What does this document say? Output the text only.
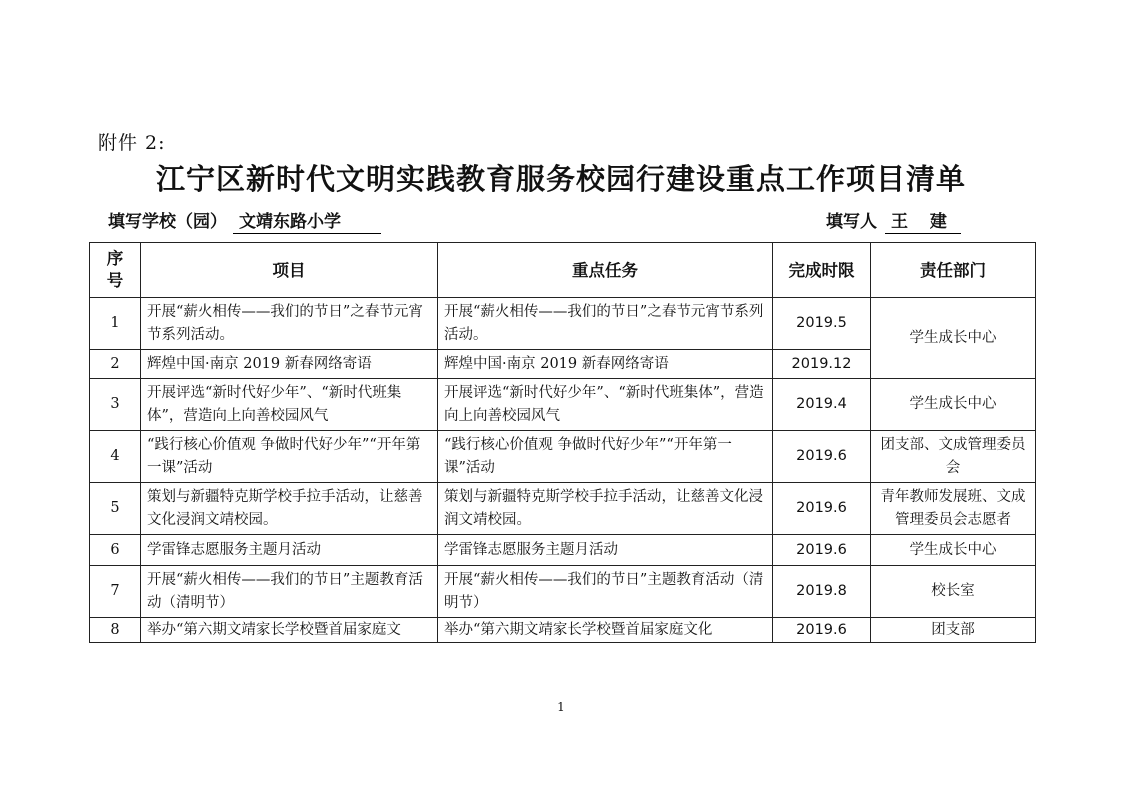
附件 2:
江宁区新时代文明实践教育服务校园行建设重点工作项目清单
填写学校（园） 文靖东路小学	填写人 王 建
序号	项目	重点任务	完成时限	责任部门
1	开展“薪火相传——我们的节日”之春节元宵节系列活动。	开展“薪火相传——我们的节日”之春节元宵节系列活动。	2019.5	学生成长中心
2	辉煌中国·南京 2019 新春网络寄语	辉煌中国·南京 2019 新春网络寄语	2019.12	
3	开展评选“新时代好少年”、“新时代班集体”，营造向上向善校园风气	开展评选“新时代好少年”、“新时代班集体”，营造向上向善校园风气	2019.4	学生成长中心
4	“践行核心价值观 争做时代好少年”“开年第一课”活动	“践行核心价值观 争做时代好少年”“开年第一课”活动	2019.6	团支部、文成管理委员会
5	策划与新疆特克斯学校手拉手活动，让慈善文化浸润文靖校园。	策划与新疆特克斯学校手拉手活动，让慈善文化浸润文靖校园。	2019.6	青年教师发展班、文成管理委员会志愿者
6	学雷锋志愿服务主题月活动	学雷锋志愿服务主题月活动	2019.6	学生成长中心
7	开展“薪火相传——我们的节日”主题教育活动（清明节）	开展“薪火相传——我们的节日”主题教育活动（清明节）	2019.8	校长室
8	举办“第六期文靖家长学校暨首届家庭文	举办“第六期文靖家长学校暨首届家庭文化	2019.6	团支部
1
